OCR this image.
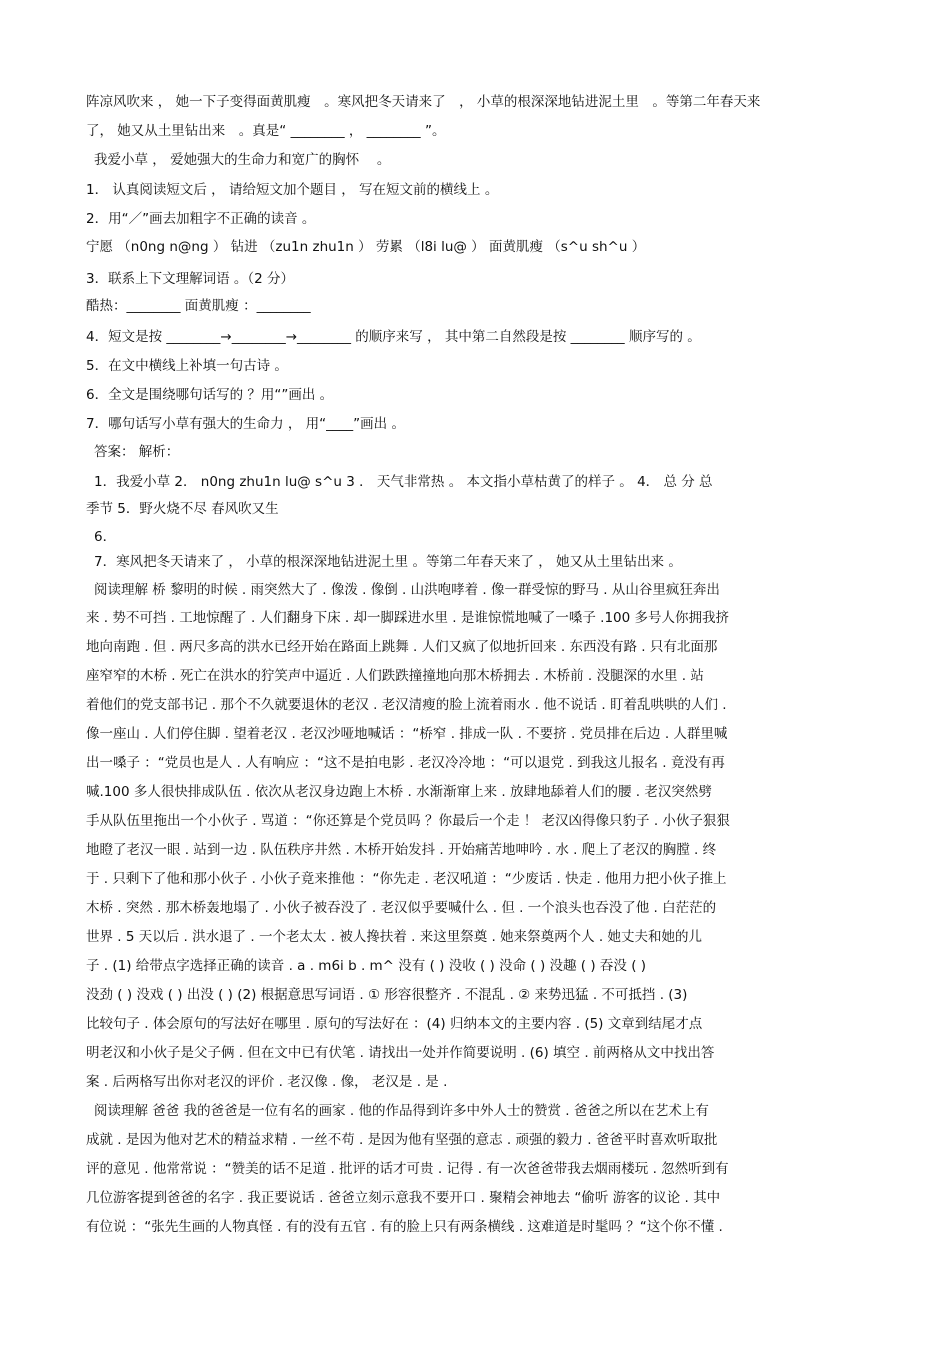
阵凉风吹来 ， 她一下子变得面黄肌瘦　。寒风把冬天请来了　， 小草的根深深地钻进泥土里　。等第二年春天来
了， 她又从土里钻出来　。真是“ ________ ， ________ ”。
我爱小草 ， 爱她强大的生命力和宽广的胸怀　 。
1． 认真阅读短文后 ， 请给短文加个题目 ， 写在短文前的横线上 。
2．用“／”画去加粗字不正确的读音 。
宁愿 （n0ng n@ng ） 钻进 （zu1n zhu1n ） 劳累 （l8i lu@ ） 面黄肌瘦 （s^u sh^u ）
3．联系上下文理解词语 。（2 分）
酷热：________ 面黄肌瘦 ：________
4．短文是按 ________→________→________ 的顺序来写 ， 其中第二自然段是按 ________ 顺序写的 。
5．在文中横线上补填一句古诗 。
6．全文是围绕哪句话写的 ？用“”画出 。
7．哪句话写小草有强大的生命力 ， 用“____”画出 。
答案： 解析：
1．我爱小草 2． n0ng zhu1n lu@ s^u 3 ． 天气非常热 。 本文指小草枯黄了的样子 。 4． 总 分 总
季节 5．野火烧不尽 春风吹又生
6．
7．寒风把冬天请来了 ， 小草的根深深地钻进泥土里 。等第二年春天来了 ， 她又从土里钻出来 。
阅读理解 桥 黎明的时候 . 雨突然大了 . 像泼 . 像倒 . 山洪咆哮着 . 像一群受惊的野马 . 从山谷里疯狂奔出
来 . 势不可挡 . 工地惊醒了 . 人们翻身下床 . 却一脚踩进水里 . 是谁惊慌地喊了一嗓子 .100 多号人你拥我挤
地向南跑 . 但 . 两尺多高的洪水已经开始在路面上跳舞 . 人们又疯了似地折回来 . 东西没有路 . 只有北面那
座窄窄的木桥 . 死亡在洪水的狞笑声中逼近 . 人们跌跌撞撞地向那木桥拥去 . 木桥前 . 没腿深的水里 . 站
着他们的党支部书记 . 那个不久就要退休的老汉 . 老汉清瘦的脸上流着雨水 . 他不说话 . 盯着乱哄哄的人们 .
像一座山 . 人们停住脚 . 望着老汉 . 老汉沙哑地喊话 ：“桥窄 . 排成一队 . 不要挤 . 党员排在后边 . 人群里喊
出一嗓子 ：“党员也是人 . 人有响应 ：“这不是拍电影 . 老汉冷冷地 ：“可以退党 . 到我这儿报名 . 竟没有再
喊.100 多人很快排成队伍 . 依次从老汉身边跑上木桥 . 水渐渐窜上来 . 放肆地舔着人们的腰 . 老汉突然劈
手从队伍里拖出一个小伙子 . 骂道 ：“你还算是个党员吗 ？你最后一个走 ！ 老汉凶得像只豹子 . 小伙子狠狠
地瞪了老汉一眼 . 站到一边 . 队伍秩序井然 . 木桥开始发抖 . 开始痛苦地呻吟 . 水 . 爬上了老汉的胸膛 . 终
于 . 只剩下了他和那小伙子 . 小伙子竟来推他 ：“你先走 . 老汉吼道 ：“少废话 . 快走 . 他用力把小伙子推上
木桥 . 突然 . 那木桥轰地塌了 . 小伙子被吞没了 . 老汉似乎要喊什么 . 但 . 一个浪头也吞没了他 . 白茫茫的
世界 . 5 天以后 . 洪水退了 . 一个老太太 . 被人搀扶着 . 来这里祭奠 . 她来祭奠两个人 . 她丈夫和她的儿
子 . (1) 给带点字选择正确的读音 . a . m6i b . m^ 没有 ( ) 没收 ( ) 没命 ( ) 没趣 ( ) 吞没 ( )
没劲 ( ) 没戏 ( ) 出没 ( ) (2) 根据意思写词语 . ① 形容很整齐 . 不混乱 . ② 来势迅猛 . 不可抵挡 . (3)
比较句子 . 体会原句的写法好在哪里 . 原句的写法好在 ：(4) 归纳本文的主要内容 . (5) 文章到结尾才点
明老汉和小伙子是父子俩 . 但在文中已有伏笔 . 请找出一处并作简要说明 . (6) 填空 . 前两格从文中找出答
案 . 后两格写出你对老汉的评价 . 老汉像 . 像， 老汉是 . 是 .
阅读理解 爸爸 我的爸爸是一位有名的画家 . 他的作品得到许多中外人士的赞赏 . 爸爸之所以在艺术上有
成就 . 是因为他对艺术的精益求精 . 一丝不苟 . 是因为他有坚强的意志 . 顽强的毅力 . 爸爸平时喜欢听取批
评的意见 . 他常常说 ：“赞美的话不足道 . 批评的话才可贵 . 记得 . 有一次爸爸带我去烟雨楼玩 . 忽然听到有
几位游客提到爸爸的名字 . 我正要说话 . 爸爸立刻示意我不要开口 . 聚精会神地去 “偷听 游客的议论 . 其中
有位说 ：“张先生画的人物真怪 . 有的没有五官 . 有的脸上只有两条横线 . 这难道是时髦吗 ？“这个你不懂 .
